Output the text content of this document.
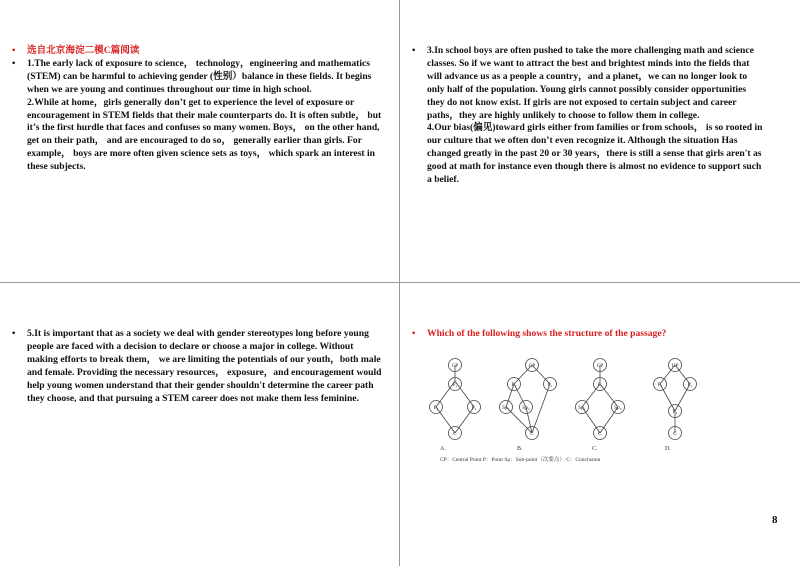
• 选自北京海淀二模C篇阅读

• 1.The early lack of exposure to science， technology，engineering and mathematics (STEM) can be harmful to achieving gender (性别）balance in these fields. It begins when we are young and continues throughout our time in high school.

2.While at home，girls generally don’t get to experience the level of exposure or encouragement in STEM fields that their male counterparts do. It is often subtle， but it’s the first hurdle that faces and confuses so many women. Boys， on the other hand, get on their path， and are encouraged to do so， generally earlier than girls. For example， boys are more often given science sets as toys， which spark an interest in these subjects.

• 3.In school boys are often pushed to take the more challenging math and science classes. So if we want to attract the best and brightest minds into the fields that will advance us as a people a country，and a planet，we can no longer look to only half of the population. Young girls cannot possibly consider opportunities they do not know exist. If girls are not exposed to certain subject and career paths，they are highly unlikely to choose to follow them in college.

4.Our bias(偏见)toward girls either from families or from schools， is so rooted in our culture that we often don’t even recognize it. Although the situation Has changed greatly in the past 20 or 30 years，there is still a sense that girls aren't as good at math for instance even though there is almost no evidence to support such a belief.

• 5.It is important that as a society we deal with gender stereotypes long before young people are faced with a decision to declare or choose a major in college. Without making efforts to break them， we are limiting the potentials of our youth，both male and female. Providing the necessary resources， exposure，and encouragement would help young women understand that their gender shouldn't determine the career path they choose, and that pursuing a STEM career does not make them less feminine.

• Which of the following shows the structure of the passage?

CP
P₂
P₃	P₄
C
CP
P₂	P₃
Sp₁ Sp₂
C
CP
P₁
Sp₁	Sp₂
C
UP
P₂	P₃
P₄
C
A.	B.	C.	D.
CP：Central Point P：Point Sp：Sub-point（次要点） C：Conclusion
8
